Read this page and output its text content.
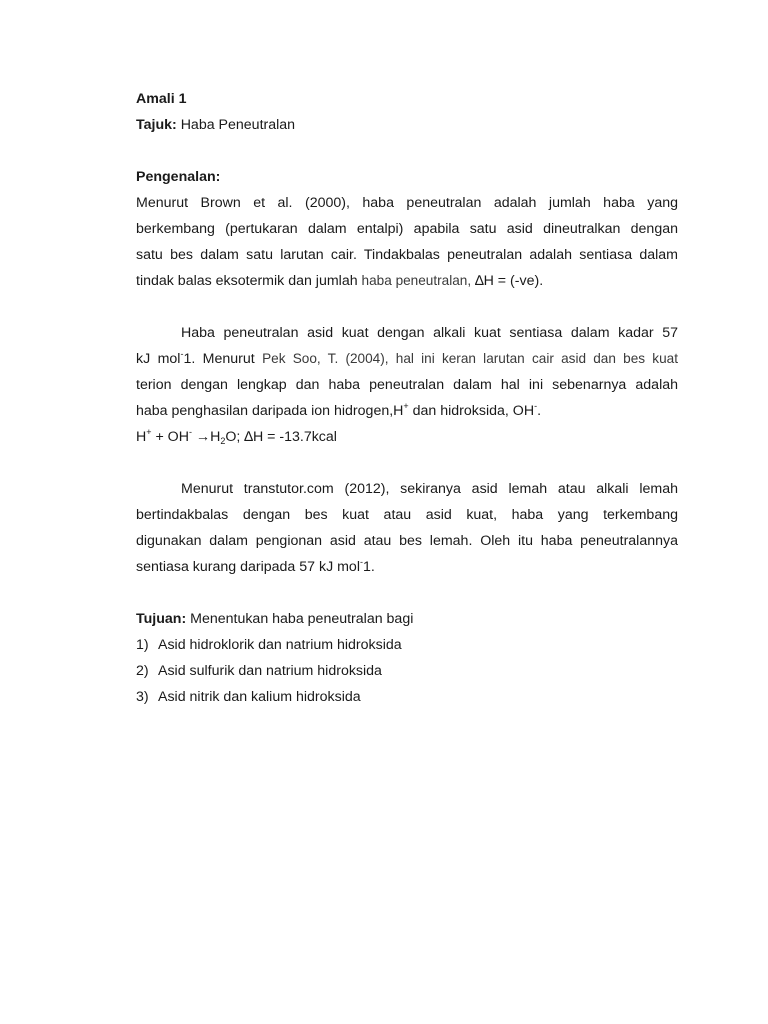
Amali 1
Tajuk: Haba Peneutralan
Pengenalan:
Menurut Brown et al. (2000), haba peneutralan adalah jumlah haba yang
berkembang (pertukaran dalam entalpi) apabila satu asid dineutralkan dengan
satu bes dalam satu larutan cair. Tindakbalas peneutralan adalah sentiasa dalam
tindak balas eksotermik dan jumlah haba peneutralan, ∆H = (-ve).
Haba peneutralan asid kuat dengan alkali kuat sentiasa dalam kadar 57
kJ mol-1. Menurut Pek Soo, T. (2004), hal ini keran larutan cair asid dan bes kuat
terion dengan lengkap dan haba peneutralan dalam hal ini sebenarnya adalah
haba penghasilan daripada ion hidrogen,H+ dan hidroksida, OH-.
$H^+ + OH^- \to H_2O$; ∆H = -13.7kcal
Menurut transtutor.com (2012), sekiranya asid lemah atau alkali lemah
bertindakbalas dengan bes kuat atau asid kuat, haba yang terkembang
digunakan dalam pengionan asid atau bes lemah. Oleh itu haba peneutralannya
sentiasa kurang daripada 57 kJ mol-1.
Tujuan: Menentukan haba peneutralan bagi
1) Asid hidroklorik dan natrium hidroksida
2) Asid sulfurik dan natrium hidroksida
3) Asid nitrik dan kalium hidroksida
